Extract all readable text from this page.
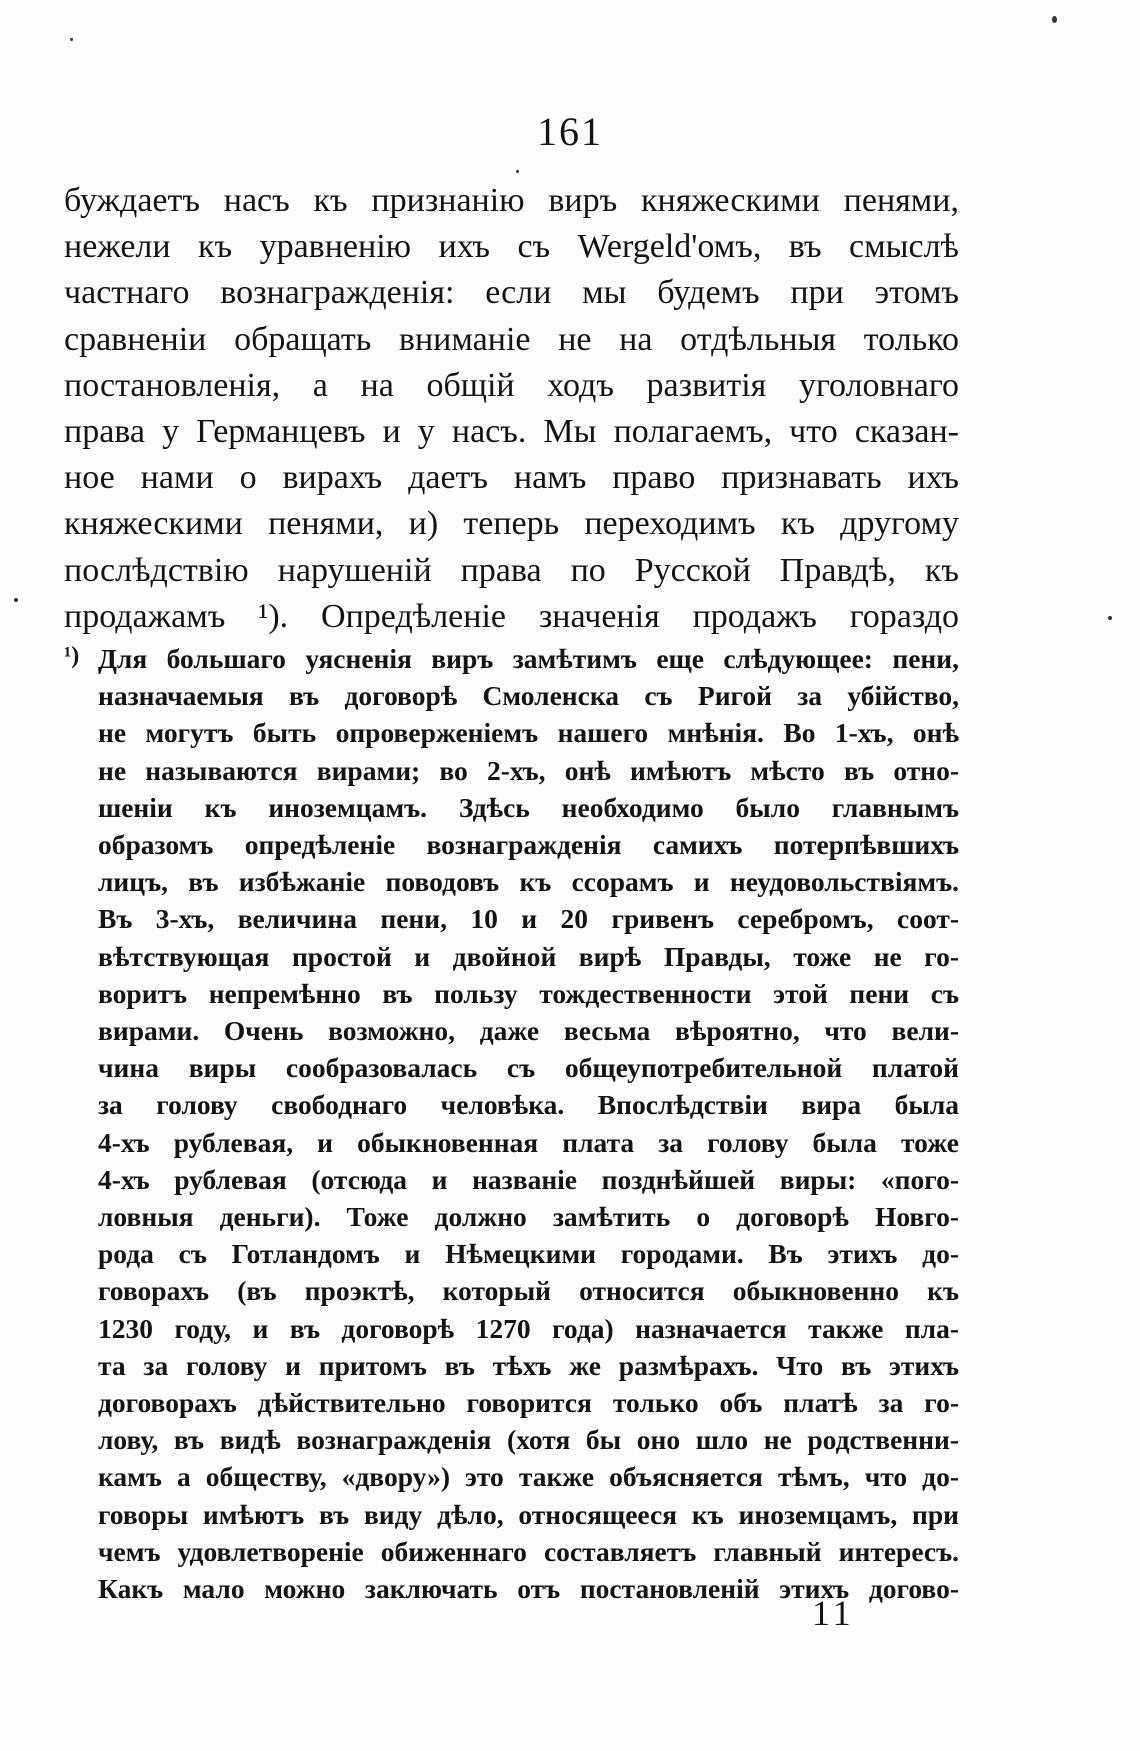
161
буждаетъ насъ къ признанію виръ княжескими пенями,
нежели къ уравненію ихъ съ Wergeld'омъ, въ смыслѣ
частнаго вознагражденія: если мы будемъ при этомъ
сравненіи обращать вниманіе не на отдѣльныя только
постановленія, а на общій ходъ развитія уголовнаго
права у Германцевъ и у насъ. Мы полагаемъ, что сказан-
ное нами о вирахъ даетъ намъ право признавать ихъ
княжескими пенями, и) теперь переходимъ къ другому
послѣдствію нарушеній права по Русской Правдѣ, къ
продажамъ ¹). Опредѣленіе значенія продажъ гораздо
¹) Для большаго уясненія виръ замѣтимъ еще слѣдующее: пени,
назначаемыя въ договорѣ Смоленска съ Ригой за убійство,
не могутъ быть опроверженіемъ нашего мнѣнія. Во 1-хъ, онѣ
не называются вирами; во 2-хъ, онѣ имѣютъ мѣсто въ отно-
шеніи къ иноземцамъ. Здѣсь необходимо было главнымъ
образомъ опредѣленіе вознагражденія самихъ потерпѣвшихъ
лицъ, въ избѣжаніе поводовъ къ ссорамъ и неудовольствіямъ.
Въ 3-хъ, величина пени, 10 и 20 гривенъ серебромъ, соот-
вѣтствующая простой и двойной вирѣ Правды, тоже не го-
воритъ непремѣнно въ пользу тождественности этой пени съ
вирами. Очень возможно, даже весьма вѣроятно, что вели-
чина виры сообразовалась съ общеупотребительной платой
за голову свободнаго человѣка. Впослѣдствіи вира была
4-хъ рублевая, и обыкновенная плата за голову была тоже
4-хъ рублевая (отсюда и названіе позднѣйшей виры: «пого-
ловныя деньги). Тоже должно замѣтить о договорѣ Новго-
рода съ Готландомъ и Нѣмецкими городами. Въ этихъ до-
говорахъ (въ проэктѣ, который относится обыкновенно къ
1230 году, и въ договорѣ 1270 года) назначается также пла-
та за голову и притомъ въ тѣхъ же размѣрахъ. Что въ этихъ
договорахъ дѣйствительно говорится только объ платѣ за го-
лову, въ видѣ вознагражденія (хотя бы оно шло не родственни-
камъ а обществу, «двору») это также объясняется тѣмъ, что до-
говоры имѣютъ въ виду дѣло, относящееся къ иноземцамъ, при
чемъ удовлетвореніе обиженнаго составляетъ главный интересъ.
Какъ мало можно заключать отъ постановленій этихъ догово-
11
